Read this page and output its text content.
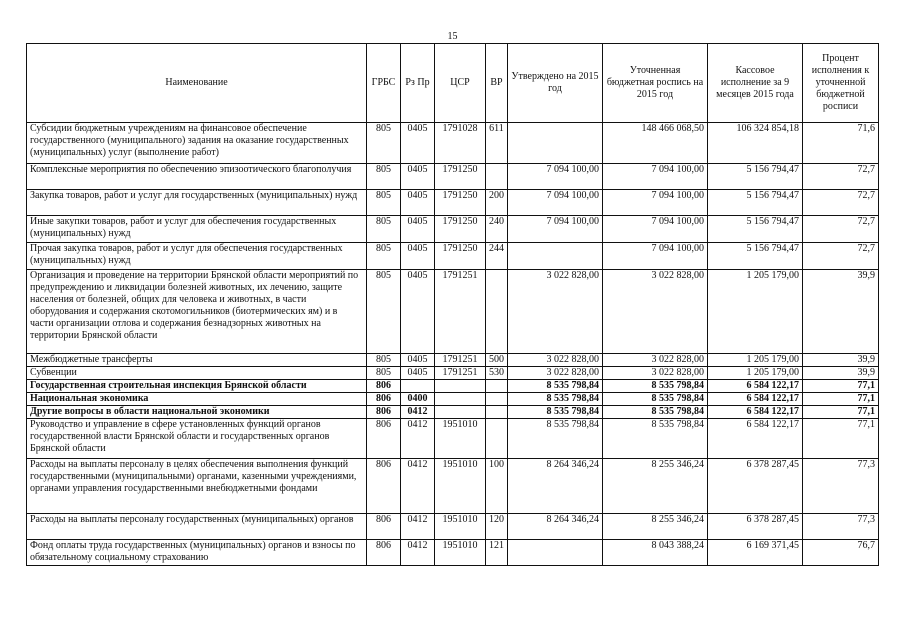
15
Наименование	ГРБС	Рз Пр	ЦСР	ВР	Утверждено на 2015 год	Уточненная бюджетная роспись на 2015 год	Кассовое исполнение за 9 месяцев 2015 года	Процент исполнения к уточненной бюджетной росписи
Субсидии бюджетным учреждениям на финансовое обеспечение государственного (муниципального) задания на оказание государственных (муниципальных) услуг (выполнение работ)	805	0405	1791028	611		148 466 068,50	106 324 854,18	71,6
Комплексные мероприятия по обеспечению эпизоотического благополучия	805	0405	1791250		7 094 100,00	7 094 100,00	5 156 794,47	72,7
Закупка товаров, работ и услуг для государственных (муниципальных) нужд	805	0405	1791250	200	7 094 100,00	7 094 100,00	5 156 794,47	72,7
Иные закупки товаров, работ и услуг для обеспечения государственных (муниципальных) нужд	805	0405	1791250	240	7 094 100,00	7 094 100,00	5 156 794,47	72,7
Прочая закупка товаров, работ и услуг для обеспечения государственных (муниципальных) нужд	805	0405	1791250	244		7 094 100,00	5 156 794,47	72,7
Организация и проведение на территории Брянской области мероприятий по предупреждению и ликвидации болезней животных, их лечению, защите населения от болезней, общих для человека и животных, в части оборудования и содержания скотомогильников (биотермических ям) и в части организации отлова и содержания безнадзорных животных на территории Брянской области	805	0405	1791251		3 022 828,00	3 022 828,00	1 205 179,00	39,9
Межбюджетные трансферты	805	0405	1791251	500	3 022 828,00	3 022 828,00	1 205 179,00	39,9
Субвенции	805	0405	1791251	530	3 022 828,00	3 022 828,00	1 205 179,00	39,9
Государственная строительная инспекция Брянской области	806				8 535 798,84	8 535 798,84	6 584 122,17	77,1
Национальная экономика	806	0400			8 535 798,84	8 535 798,84	6 584 122,17	77,1
Другие вопросы в области национальной экономики	806	0412			8 535 798,84	8 535 798,84	6 584 122,17	77,1
Руководство и управление в сфере установленных функций органов государственной власти Брянской области и государственных органов Брянской области	806	0412	1951010		8 535 798,84	8 535 798,84	6 584 122,17	77,1
Расходы на выплаты персоналу в целях обеспечения выполнения функций государственными (муниципальными) органами, казенными учреждениями, органами управления государственными внебюджетными фондами	806	0412	1951010	100	8 264 346,24	8 255 346,24	6 378 287,45	77,3
Расходы на выплаты персоналу государственных (муниципальных) органов	806	0412	1951010	120	8 264 346,24	8 255 346,24	6 378 287,45	77,3
Фонд оплаты труда государственных (муниципальных) органов и взносы по обязательному социальному страхованию	806	0412	1951010	121		8 043 388,24	6 169 371,45	76,7
